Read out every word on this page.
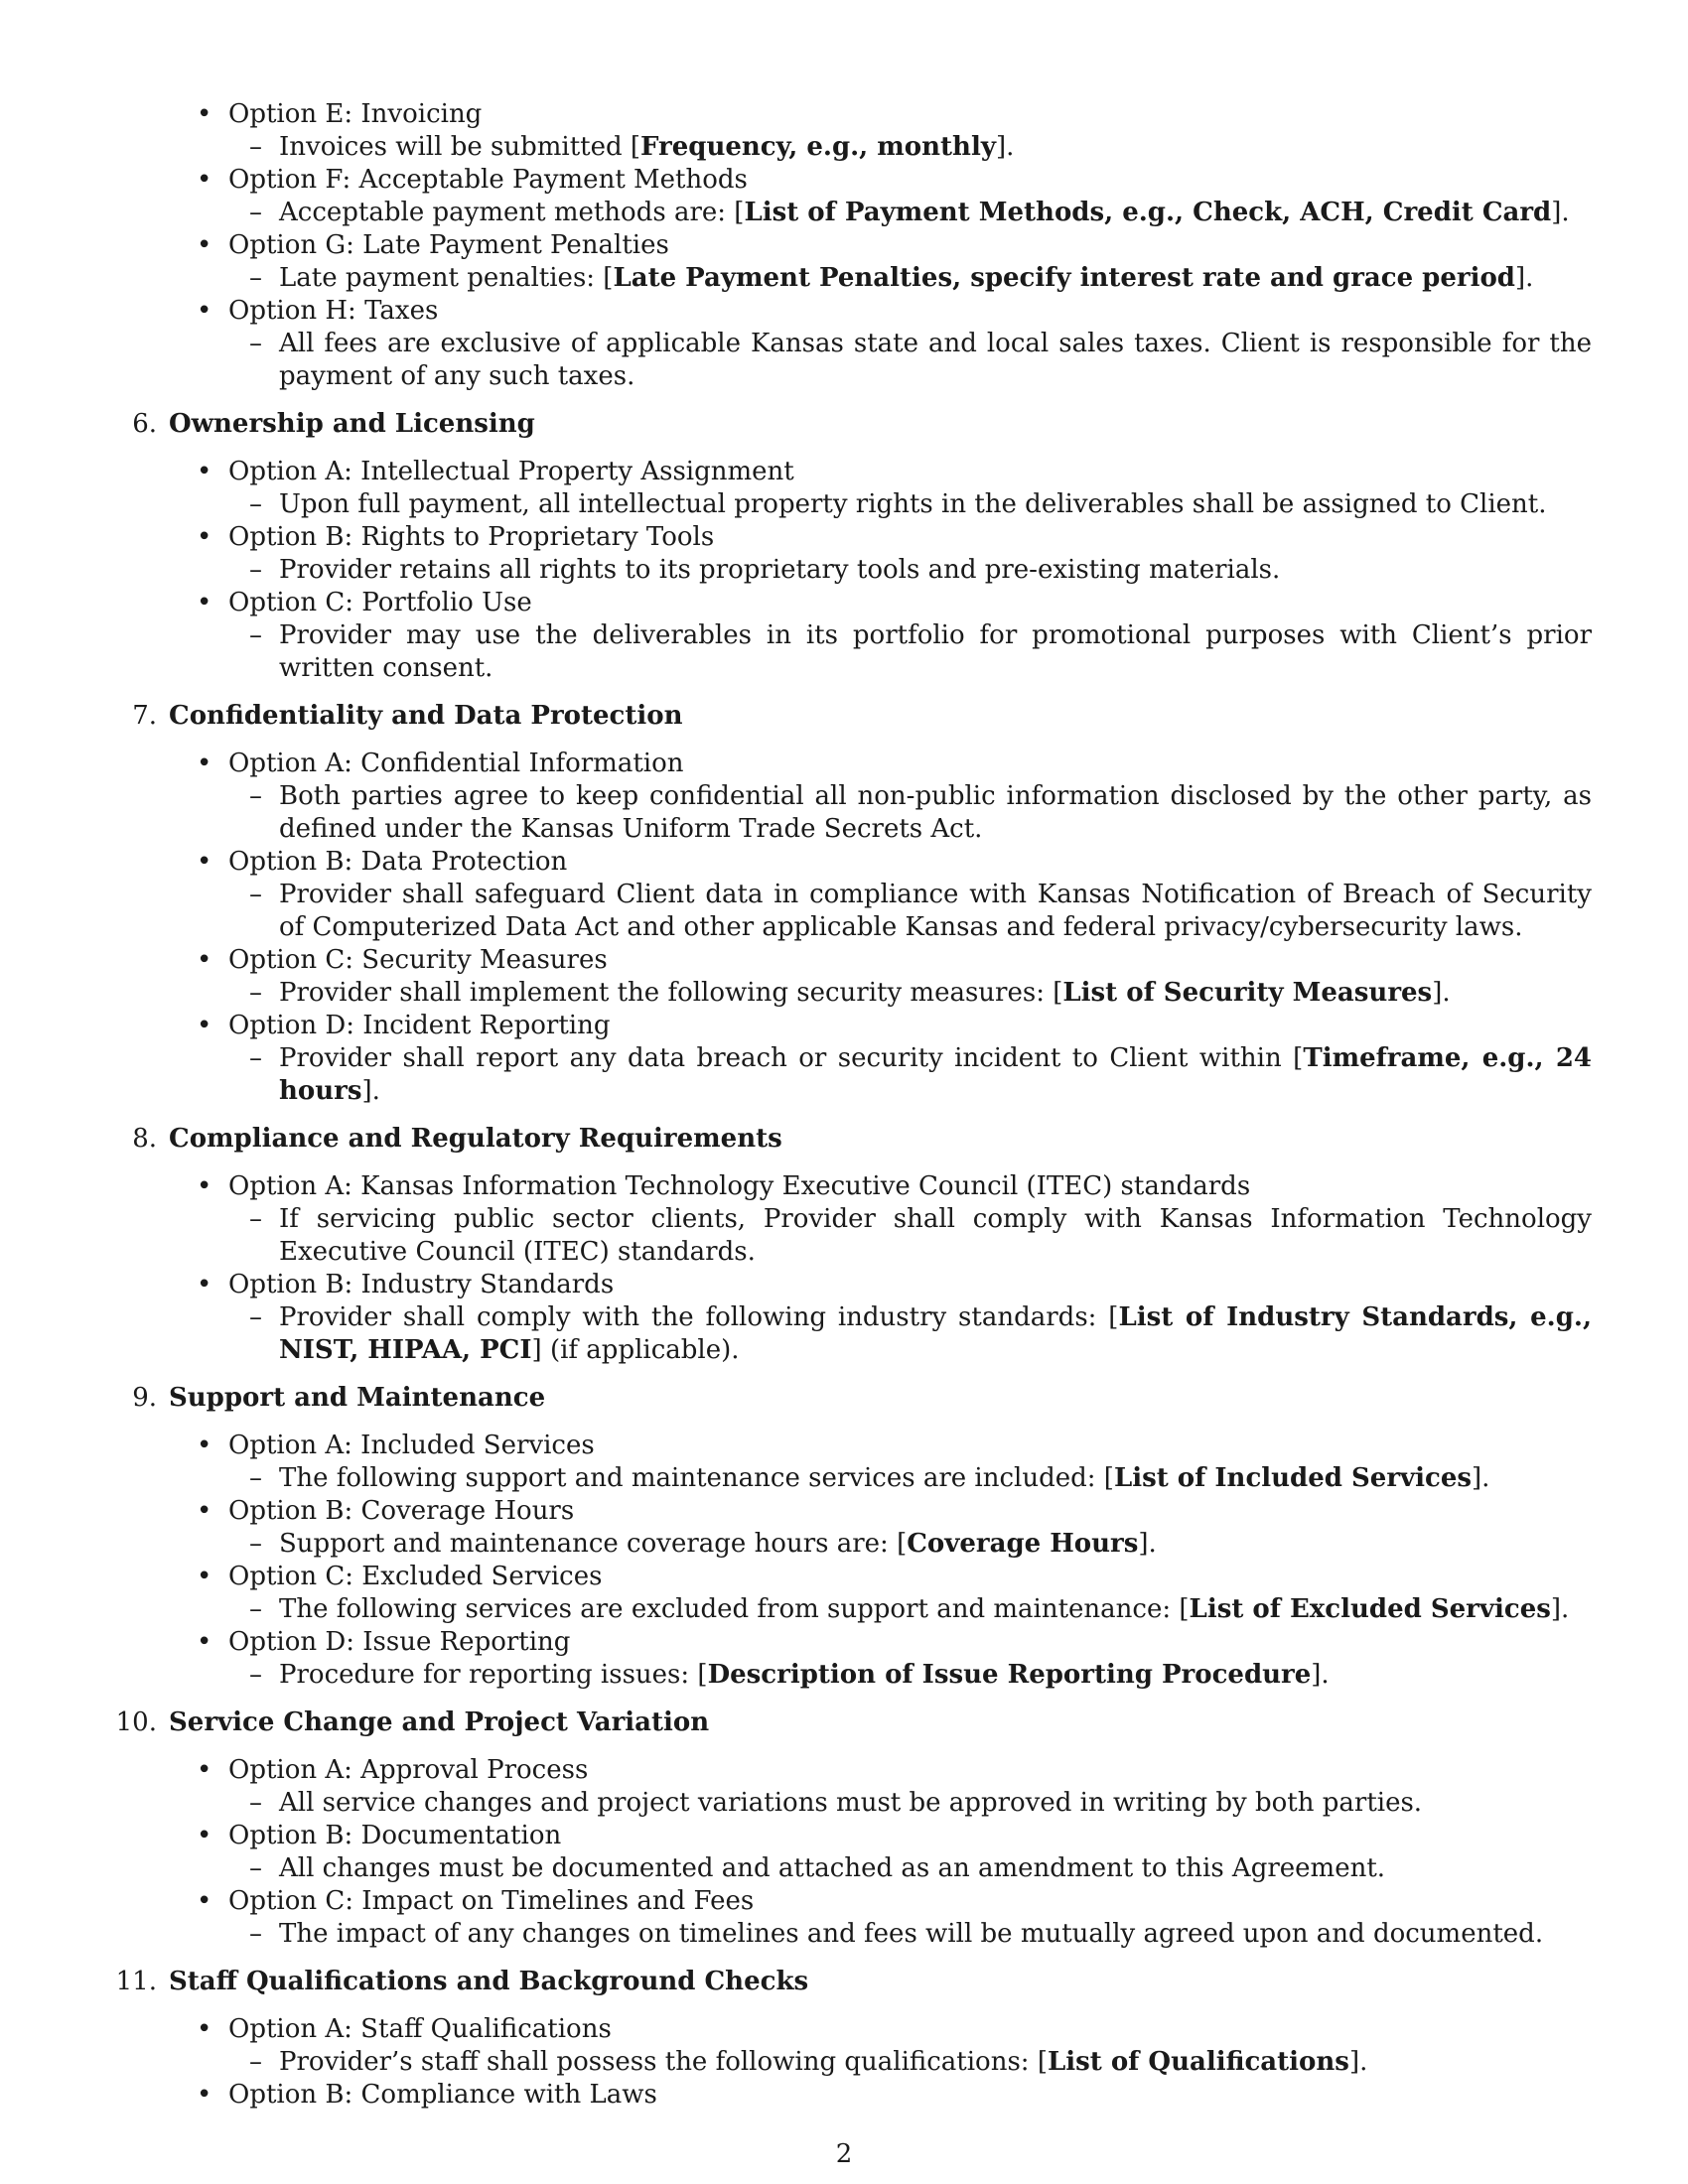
• Option E: Invoicing
– Invoices will be submitted [Frequency, e.g., monthly].
• Option F: Acceptable Payment Methods
– Acceptable payment methods are: [List of Payment Methods, e.g., Check, ACH, Credit Card].
• Option G: Late Payment Penalties
– Late payment penalties: [Late Payment Penalties, specify interest rate and grace period].
• Option H: Taxes
– All fees are exclusive of applicable Kansas state and local sales taxes. Client is responsible for the payment of any such taxes.
6. Ownership and Licensing
• Option A: Intellectual Property Assignment
– Upon full payment, all intellectual property rights in the deliverables shall be assigned to Client.
• Option B: Rights to Proprietary Tools
– Provider retains all rights to its proprietary tools and pre-existing materials.
• Option C: Portfolio Use
– Provider may use the deliverables in its portfolio for promotional purposes with Client’s prior written consent.
7. Confidentiality and Data Protection
• Option A: Confidential Information
– Both parties agree to keep confidential all non-public information disclosed by the other party, as defined under the Kansas Uniform Trade Secrets Act.
• Option B: Data Protection
– Provider shall safeguard Client data in compliance with Kansas Notification of Breach of Security of Computerized Data Act and other applicable Kansas and federal privacy/cybersecurity laws.
• Option C: Security Measures
– Provider shall implement the following security measures: [List of Security Measures].
• Option D: Incident Reporting
– Provider shall report any data breach or security incident to Client within [Timeframe, e.g., 24 hours].
8. Compliance and Regulatory Requirements
• Option A: Kansas Information Technology Executive Council (ITEC) standards
– If servicing public sector clients, Provider shall comply with Kansas Information Technology Executive Council (ITEC) standards.
• Option B: Industry Standards
– Provider shall comply with the following industry standards: [List of Industry Standards, e.g., NIST, HIPAA, PCI] (if applicable).
9. Support and Maintenance
• Option A: Included Services
– The following support and maintenance services are included: [List of Included Services].
• Option B: Coverage Hours
– Support and maintenance coverage hours are: [Coverage Hours].
• Option C: Excluded Services
– The following services are excluded from support and maintenance: [List of Excluded Services].
• Option D: Issue Reporting
– Procedure for reporting issues: [Description of Issue Reporting Procedure].
10. Service Change and Project Variation
• Option A: Approval Process
– All service changes and project variations must be approved in writing by both parties.
• Option B: Documentation
– All changes must be documented and attached as an amendment to this Agreement.
• Option C: Impact on Timelines and Fees
– The impact of any changes on timelines and fees will be mutually agreed upon and documented.
11. Staff Qualifications and Background Checks
• Option A: Staff Qualifications
– Provider’s staff shall possess the following qualifications: [List of Qualifications].
• Option B: Compliance with Laws
2
